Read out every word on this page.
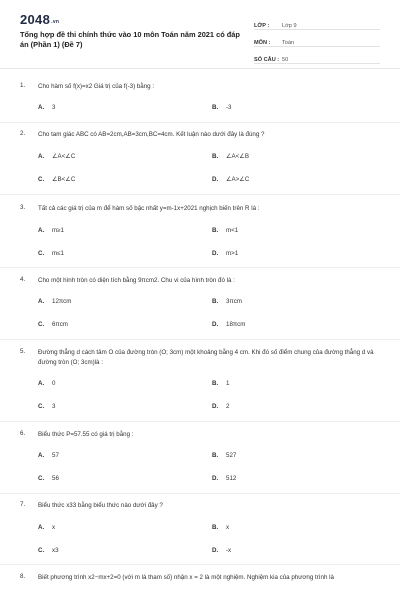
$2048_{.vn}$
Tổng hợp đề thi chính thức vào 10 môn Toán năm 2021 có đáp án (Phần 1) (Đề 7)
LỚP :	Lớp 9
MÔN :	Toán
SỐ CÂU : 50
1. Cho hàm số f(x)=x2 Giá trị của f(-3) bằng :
A. 3	B. -3
2. Cho tam giác ABC có AB=2cm,AB=3cm,BC=4cm. Kết luận nào dưới đây là đúng ?
A. ∠A<∠C	B. ∠A<∠B
C. ∠B<∠C	D. ∠A>∠C
3. Tất cả các giá trị của m để hàm số bậc nhất y=m-1x+2021 nghịch biến trên R là :
A. m≥1	B. m<1
C. m≤1	D. m>1
4. Cho một hình tròn có diện tích bằng 9πcm2. Chu vi của hình tròn đó là :
A. 12πcm	B. 3πcm
C. 6πcm	D. 18πcm
5. Đường thẳng d cách tâm O của đường tròn (O; 3cm) một khoảng bằng 4 cm. Khi đó số điểm chung của đường thẳng d và đường tròn (O; 3cm)là :
A. 0	B. 1
C. 3	D. 2
6. Biểu thức P=57.55 có giá trị bằng :
A. 57	B. 527
C. 56	D. 512
7. Biểu thức x33 bằng biểu thức nào dưới đây ?
A. x	B. x
C. x3	D. -x
8. Biết phương trình x2−mx+2=0 (với m là tham số) nhận x = 2 là một nghiệm. Nghiệm kia của phương trình là
